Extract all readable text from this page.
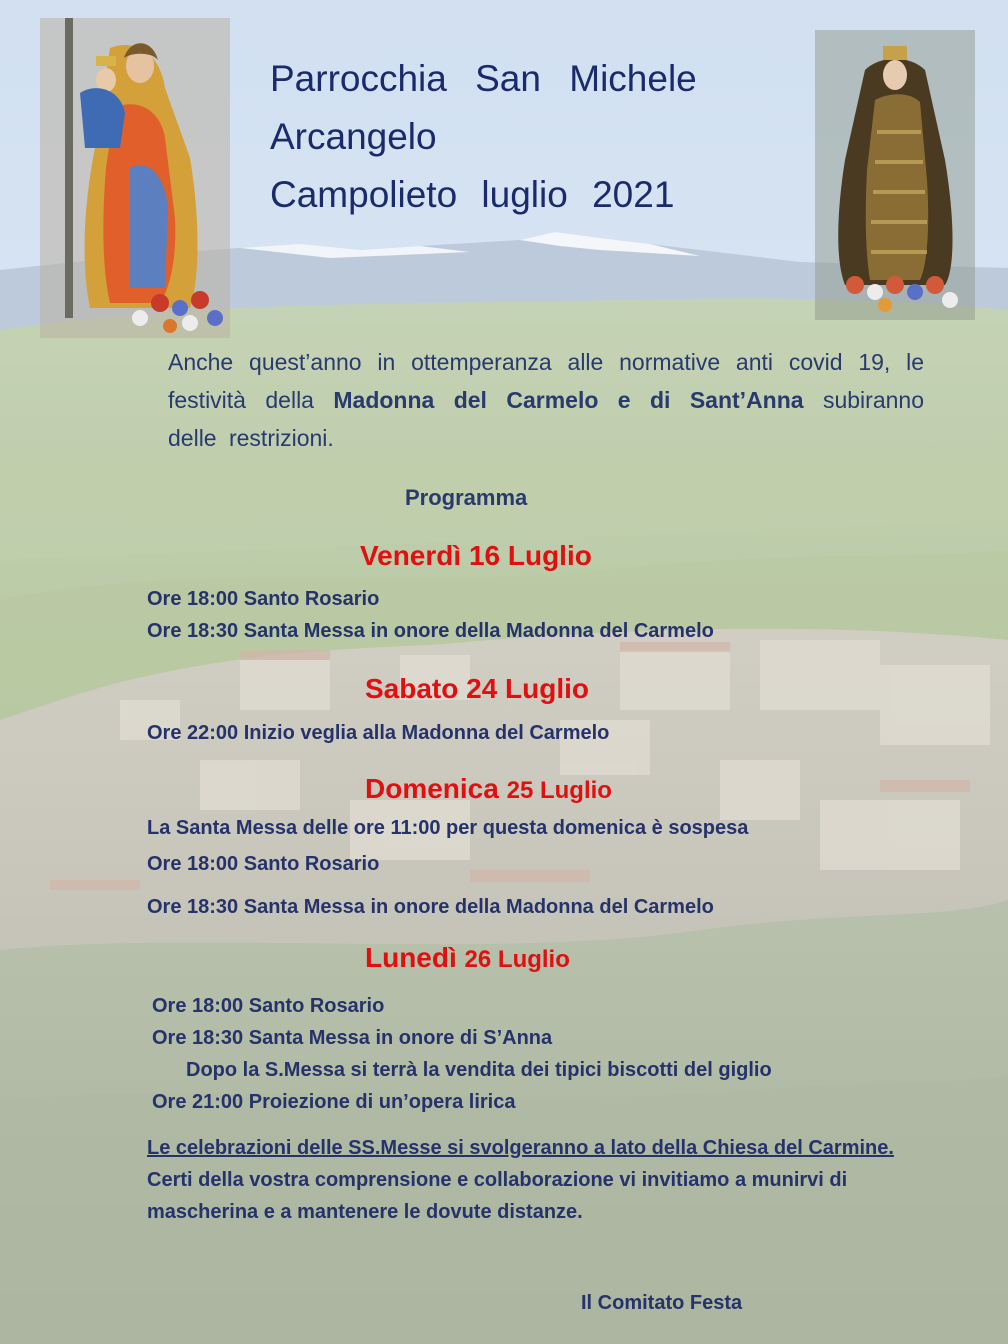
Parrocchia San Michele
Arcangelo
Campolieto luglio 2021

Anche quest’anno in ottemperanza alle normative anti covid 19, le festività della Madonna del Carmelo e di Sant’Anna subiranno delle restrizioni.

Programma
Venerdì 16 Luglio
Ore 18:00 Santo Rosario
Ore 18:30 Santa Messa in onore della Madonna del Carmelo
Sabato 24 Luglio
Ore 22:00 Inizio veglia alla Madonna del Carmelo
Domenica 25 Luglio
La Santa Messa delle ore 11:00 per questa domenica è sospesa
Ore 18:00 Santo Rosario
Ore 18:30 Santa Messa in onore della Madonna del Carmelo
Lunedì 26 Luglio
Ore 18:00 Santo Rosario
Ore 18:30 Santa Messa in onore di S’Anna
Dopo la S.Messa si terrà la vendita dei tipici biscotti del giglio
Ore 21:00 Proiezione di un’opera lirica
Le celebrazioni delle SS.Messe si svolgeranno a lato della Chiesa del Carmine.
Certi della vostra comprensione e collaborazione vi invitiamo a munirvi di mascherina e a mantenere le dovute distanze.
Il Comitato Festa
